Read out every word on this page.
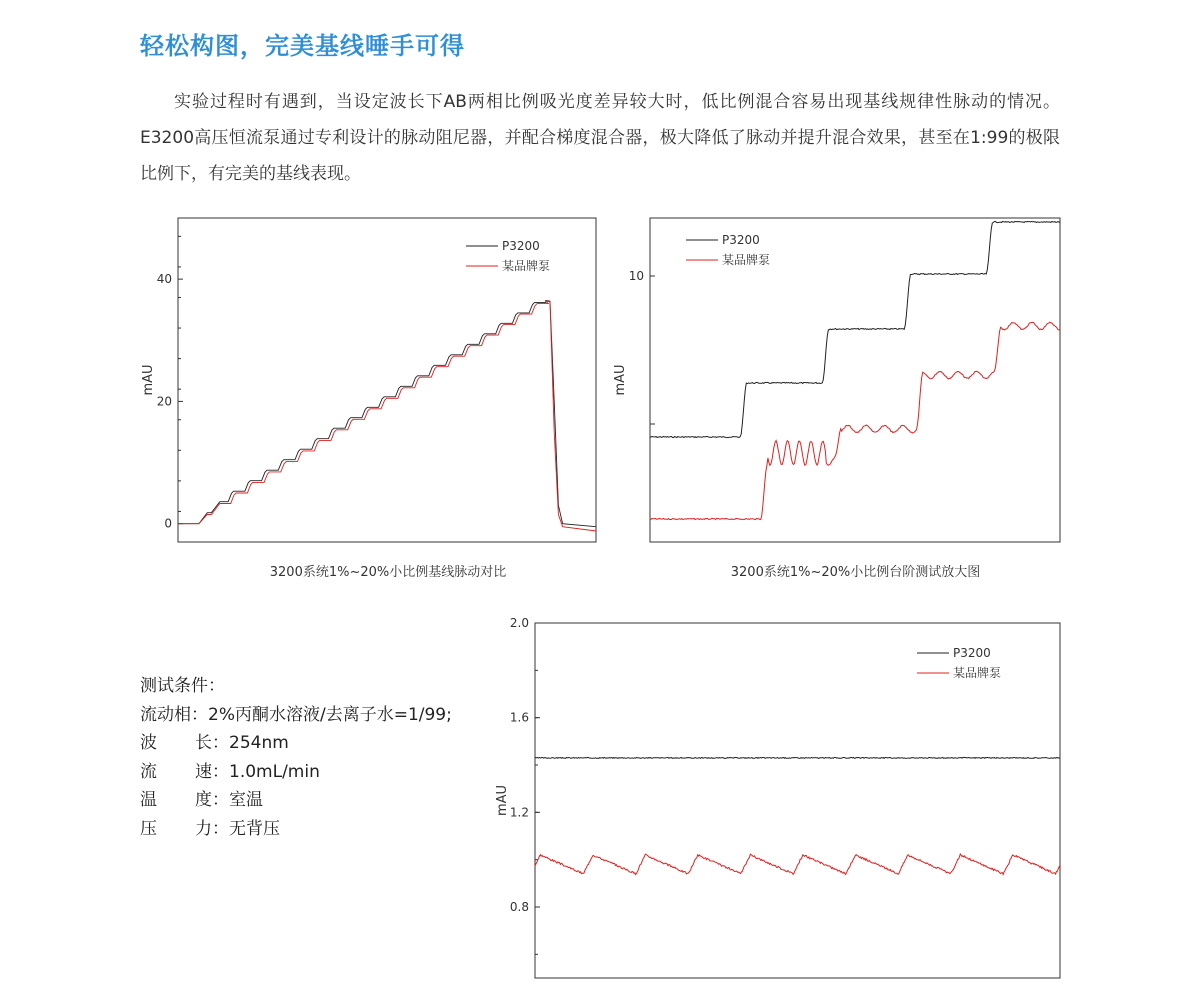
轻松构图，完美基线唾手可得
实验过程时有遇到，当设定波长下AB两相比例吸光度差异较大时，低比例混合容易出现基线规律性脉动的情况。E3200高压恒流泵通过专利设计的脉动阻尼器，并配合梯度混合器，极大降低了脉动并提升混合效果，甚至在1:99的极限比例下，有完美的基线表现。
0
20
40
mAU
P3200
某品牌泵
3200系统1%~20%小比例基线脉动对比
10
mAU
P3200
某品牌泵
3200系统1%~20%小比例台阶测试放大图
0.8
1.2
1.6
2.0
mAU
P3200
某品牌泵
测试条件：
流动相 ： 2%丙酮水溶液/去离子水=1/99;
波长 ： 254nm
流速 ： 1.0mL/min
温度 ： 室温
压力 ： 无背压
